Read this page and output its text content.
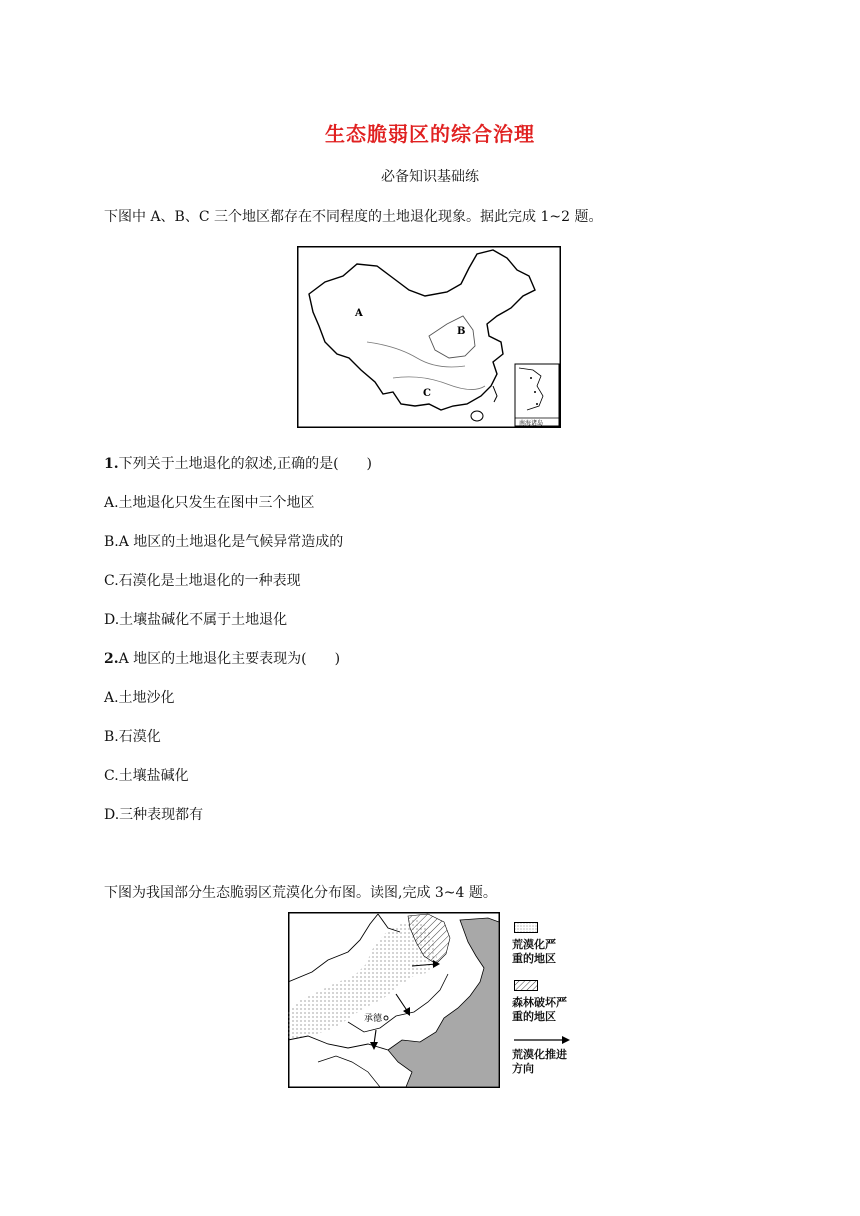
生态脆弱区的综合治理
必备知识基础练
下图中 A、B、C 三个地区都存在不同程度的土地退化现象。据此完成 1~2 题。
A
B
C
南海诸岛
1.下列关于土地退化的叙述,正确的是(　　)
A.土地退化只发生在图中三个地区
B.A 地区的土地退化是气候异常造成的
C.石漠化是土地退化的一种表现
D.土壤盐碱化不属于土地退化
2.A 地区的土地退化主要表现为(　　)
A.土地沙化
B.石漠化
C.土壤盐碱化
D.三种表现都有
下图为我国部分生态脆弱区荒漠化分布图。读图,完成 3~4 题。
承德
荒漠化严
重的地区
森林破坏严
重的地区
荒漠化推进
方向
